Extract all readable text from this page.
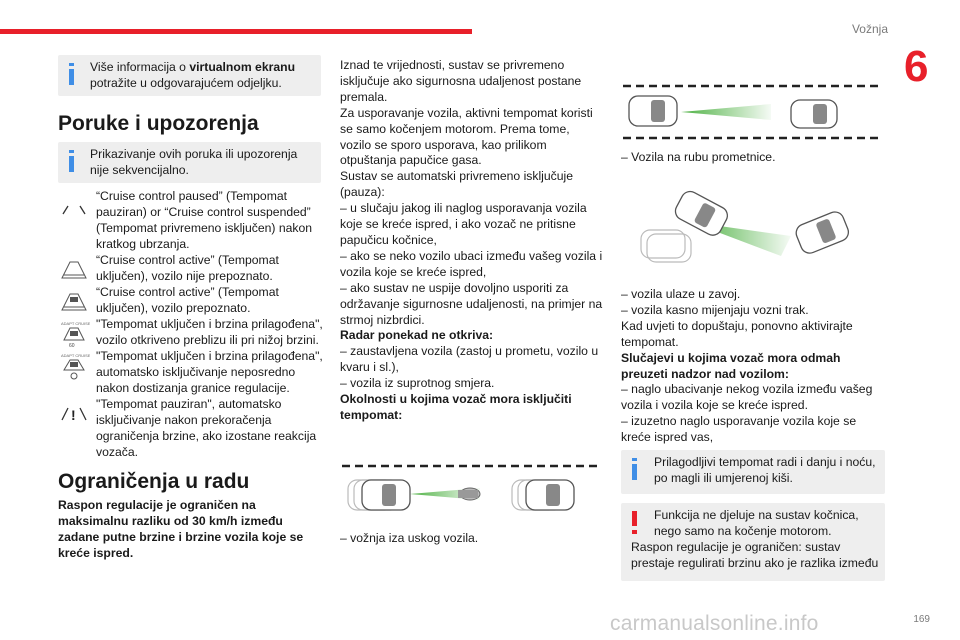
Vožnja
6

Više informacija o virtualnom ekranu potražite u odgovarajućem odjeljku.

Poruke i upozorenja

Prikazivanje ovih poruka ili upozorenja nije sekvencijalno.

“Cruise control paused” (Tempomat pauziran) or “Cruise control suspended” (Tempomat privremeno isključen) nakon kratkog ubrzanja.

“Cruise control active” (Tempomat uključen), vozilo nije prepoznato.

“Cruise control active” (Tempomat uključen), vozilo prepoznato.

ADAPT CRUISE
60

"Tempomat uključen i brzina prilagođena", vozilo otkriveno preblizu ili pri nižoj brzini.

ADAPT CRUISE "Tempomat uključen i brzina prilagođena", automatsko isključivanje neposredno nakon dostizanja granice regulacije.

!

"Tempomat pauziran", automatsko isključivanje nakon prekoračenja ograničenja brzine, ako izostane reakcija vozača.

Ograničenja u radu

Raspon regulacije je ograničen na maksimalnu razliku od 30 km/h između zadane putne brzine i brzine vozila koje se kreće ispred.

Iznad te vrijednosti, sustav se privremeno isključuje ako sigurnosna udaljenost postane premala.

Za usporavanje vozila, aktivni tempomat koristi se samo kočenjem motorom. Prema tome, vozilo se sporo usporava, kao prilikom otpuštanja papučice gasa.

Sustav se automatski privremeno isključuje (pauza):

– u slučaju jakog ili naglog usporavanja vozila koje se kreće ispred, i ako vozač ne pritisne papučicu kočnice,

– ako se neko vozilo ubaci između vašeg vozila i vozila koje se kreće ispred,

– ako sustav ne uspije dovoljno usporiti za održavanje sigurnosne udaljenosti, na primjer na strmoj nizbrdici.

Radar ponekad ne otkriva:

– zaustavljena vozila (zastoj u prometu, vozilo u kvaru i sl.),

– vozila iz suprotnog smjera.

Okolnosti u kojima vozač mora isključiti tempomat:

– vožnja iza uskog vozila.

– Vozila na rubu prometnice.

– vozila ulaze u zavoj.

– vozila kasno mijenjaju vozni trak.

Kad uvjeti to dopuštaju, ponovno aktivirajte tempomat.

Slučajevi u kojima vozač mora odmah preuzeti nadzor nad vozilom:

– naglo ubacivanje nekog vozila između vašeg vozila i vozila koje se kreće ispred.

– izuzetno naglo usporavanje vozila koje se kreće ispred vas,

Prilagodljivi tempomat radi i danju i noću, po magli ili umjerenoj kiši.

Funkcija ne djeluje na sustav kočnica, nego samo na kočenje motorom.

Raspon regulacije je ograničen: sustav prestaje regulirati brzinu ako je razlika između

carmanualsonline.info	169
